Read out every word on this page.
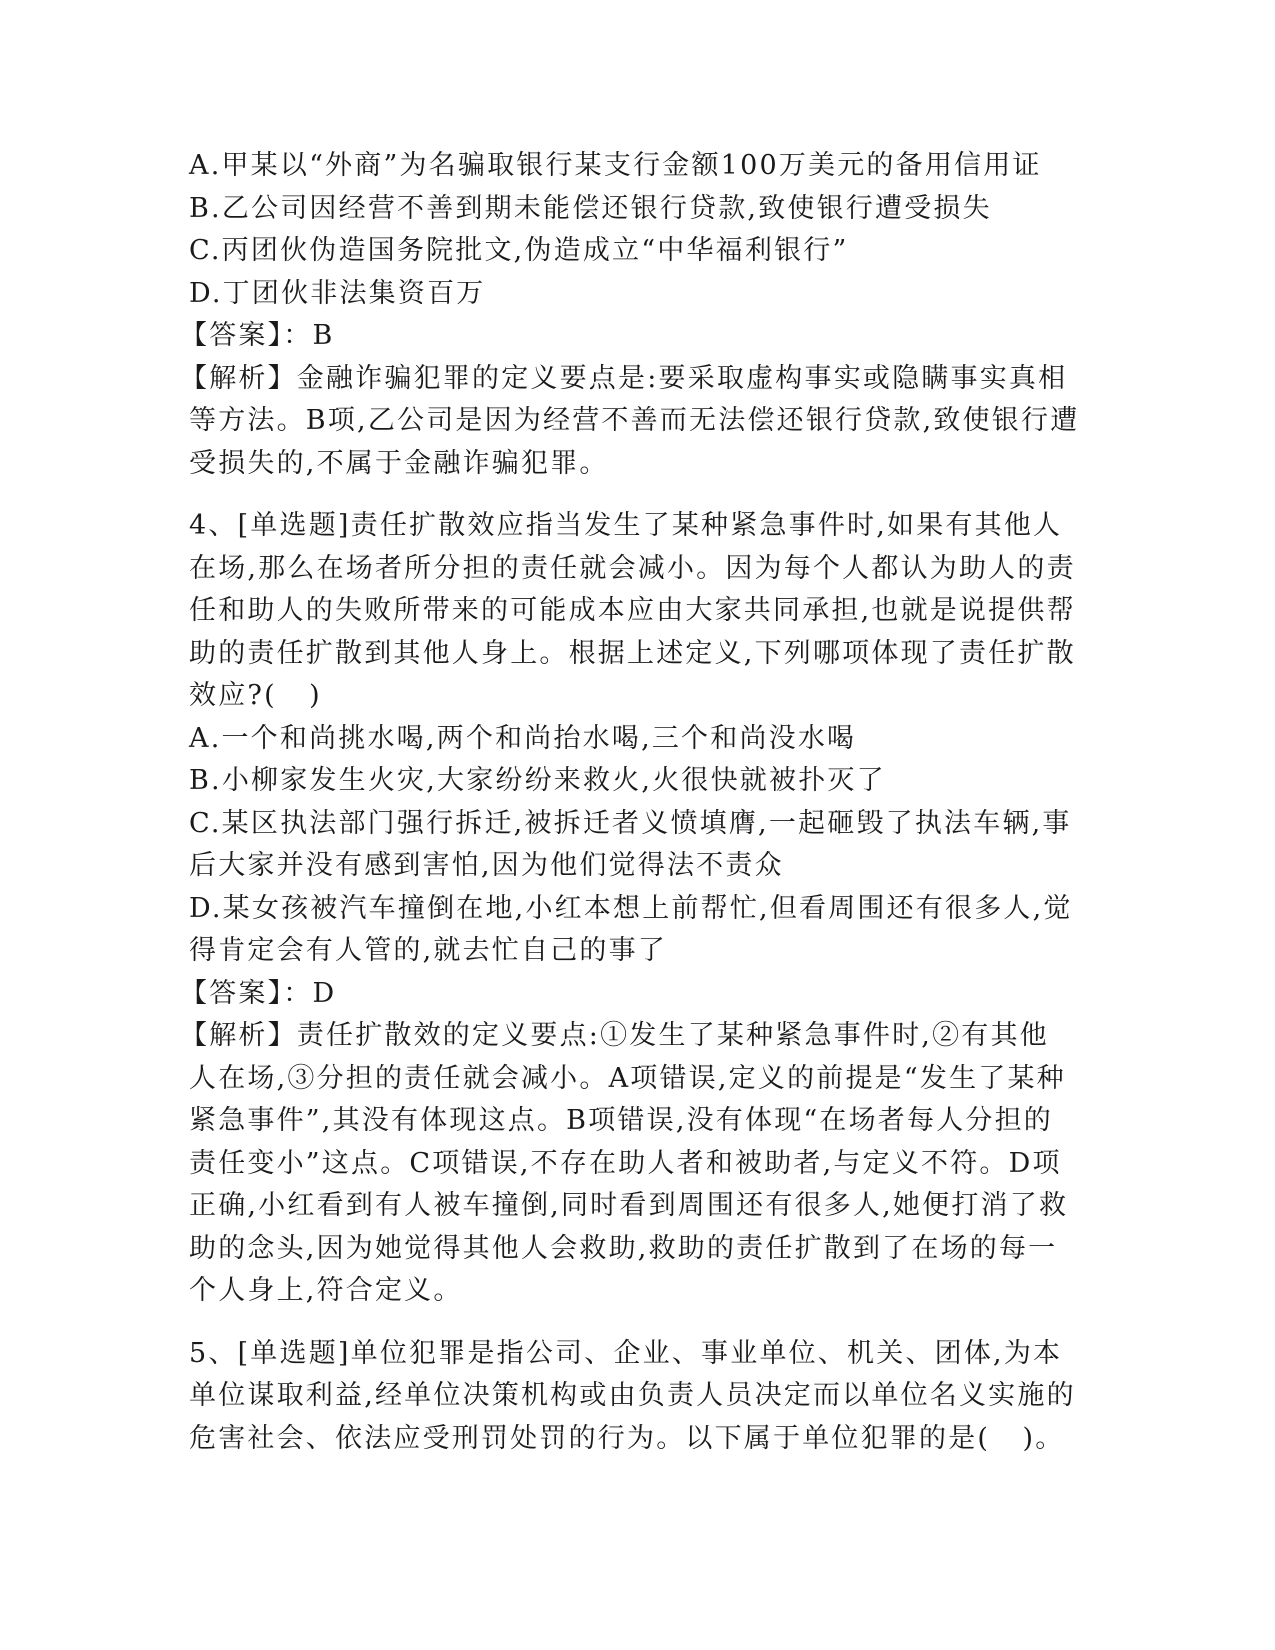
A.甲某以“外商”为名骗取银行某支行金额100万美元的备用信用证
B.乙公司因经营不善到期未能偿还银行贷款,致使银行遭受损失
C.丙团伙伪造国务院批文,伪造成立“中华福利银行”
D.丁团伙非法集资百万
【答案】：B
【解析】金融诈骗犯罪的定义要点是:要采取虚构事实或隐瞒事实真相
等方法。B项,乙公司是因为经营不善而无法偿还银行贷款,致使银行遭
受损失的,不属于金融诈骗犯罪。
4、[单选题]责任扩散效应指当发生了某种紧急事件时,如果有其他人
在场,那么在场者所分担的责任就会减小。因为每个人都认为助人的责
任和助人的失败所带来的可能成本应由大家共同承担,也就是说提供帮
助的责任扩散到其他人身上。根据上述定义,下列哪项体现了责任扩散
效应?(   )
A.一个和尚挑水喝,两个和尚抬水喝,三个和尚没水喝
B.小柳家发生火灾,大家纷纷来救火,火很快就被扑灭了
C.某区执法部门强行拆迁,被拆迁者义愤填膺,一起砸毁了执法车辆,事
后大家并没有感到害怕,因为他们觉得法不责众
D.某女孩被汽车撞倒在地,小红本想上前帮忙,但看周围还有很多人,觉
得肯定会有人管的,就去忙自己的事了
【答案】：D
【解析】责任扩散效的定义要点:①发生了某种紧急事件时,②有其他
人在场,③分担的责任就会减小。A项错误,定义的前提是“发生了某种
紧急事件”,其没有体现这点。B项错误,没有体现“在场者每人分担的
责任变小”这点。C项错误,不存在助人者和被助者,与定义不符。D项
正确,小红看到有人被车撞倒,同时看到周围还有很多人,她便打消了救
助的念头,因为她觉得其他人会救助,救助的责任扩散到了在场的每一
个人身上,符合定义。
5、[单选题]单位犯罪是指公司、企业、事业单位、机关、团体,为本
单位谋取利益,经单位决策机构或由负责人员决定而以单位名义实施的
危害社会、依法应受刑罚处罚的行为。以下属于单位犯罪的是(   )。
